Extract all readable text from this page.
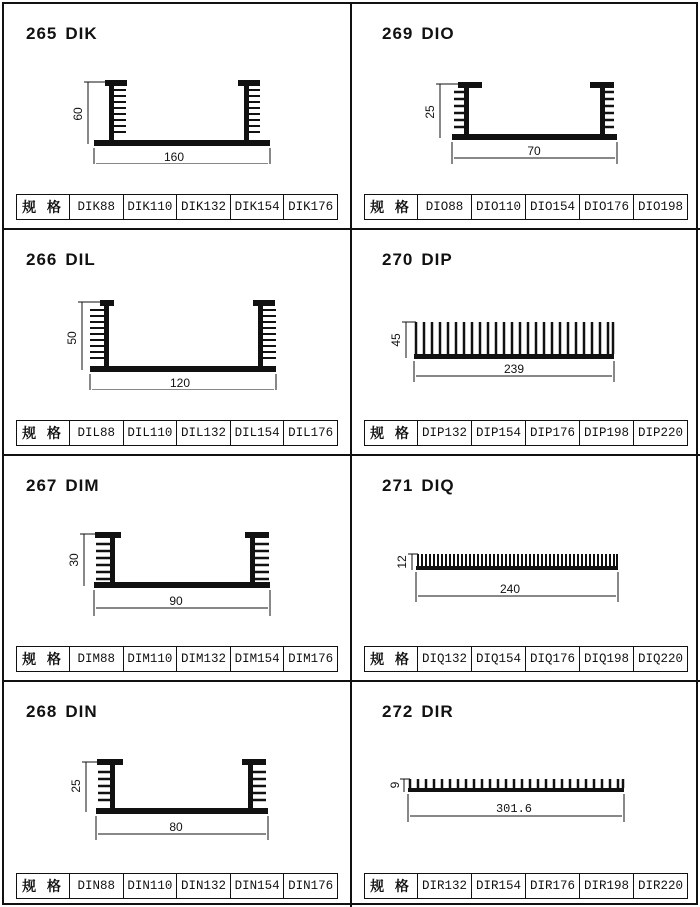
265 DIK
160
60
规 格	DIK88 DIK110 DIK132 DIK154 DIK176
269 DIO
70
25
规 格	DIO88	DIO110 DIO154 DIO176 DIO198
266 DIL
120
50
规 格	DIL88 DIL110 DIL132 DIL154 DIL176
270 DIP
239
45
规 格 DIP132 DIP154 DIP176 DIP198 DIP220
267 DIM
90
30
规 格	DIM88 DIM110 DIM132 DIM154 DIM176
271 DIQ
240
12
规 格 DIQ132 DIQ154 DIQ176 DIQ198 DIQ220
268 DIN
80
25
规 格	DIN88 DIN110 DIN132 DIN154 DIN176
272 DIR
301.6
9
规 格 DIR132 DIR154 DIR176 DIR198 DIR220
